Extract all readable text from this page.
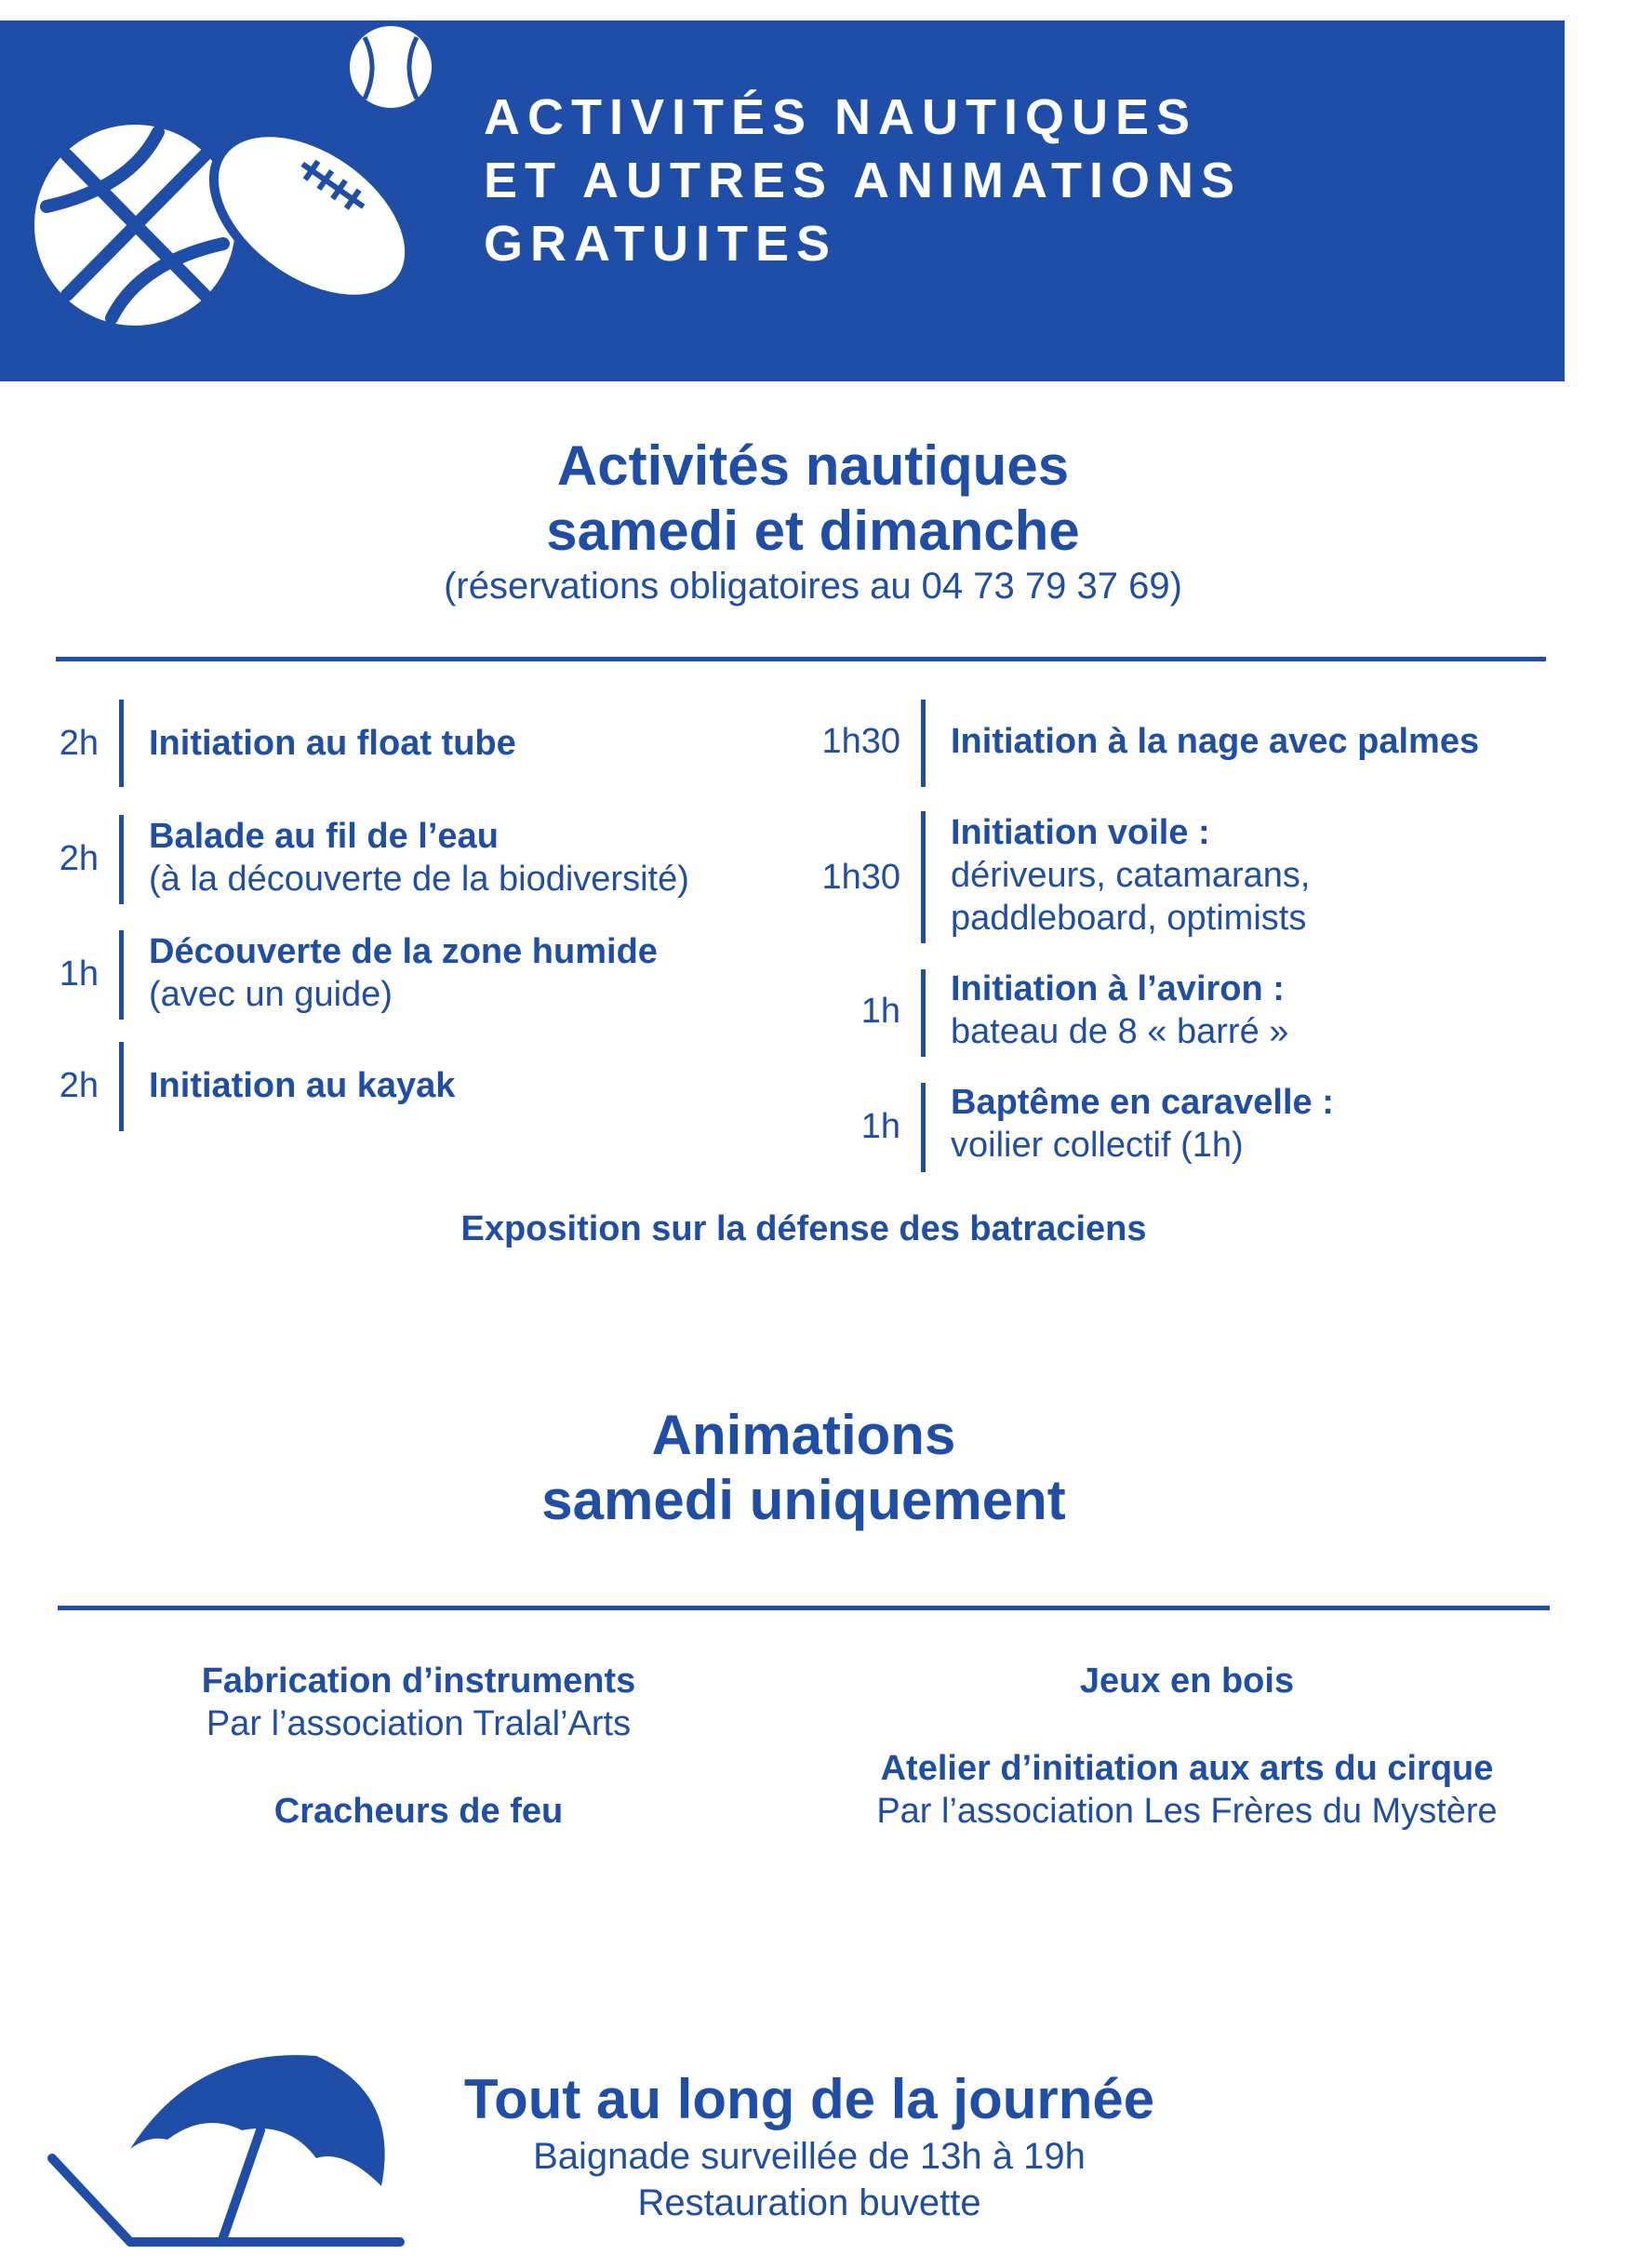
ACTIVITÉS NAUTIQUES
ET AUTRES ANIMATIONS
GRATUITES
Activités nautiques
samedi et dimanche
(réservations obligatoires au 04 73 79 37 69)
2h Initiation au float tube
2h
Balade au fil de l’eau
(à la découverte de la biodiversité)
1h
Découverte de la zone humide
(avec un guide)
2h Initiation au kayak
1h30 Initiation à la nage avec palmes
1h30
Initiation voile :
dériveurs, catamarans,
paddleboard, optimists
1h
Initiation à l’aviron :
bateau de 8 « barré »
1h
Baptême en caravelle :
voilier collectif (1h)
Exposition sur la défense des batraciens
Animations
samedi uniquement
Fabrication d’instruments
Par l’association Tralal’Arts
Cracheurs de feu
Jeux en bois
Atelier d’initiation aux arts du cirque
Par l’association Les Frères du Mystère
Tout au long de la journée
Baignade surveillée de 13h à 19h
Restauration buvette
